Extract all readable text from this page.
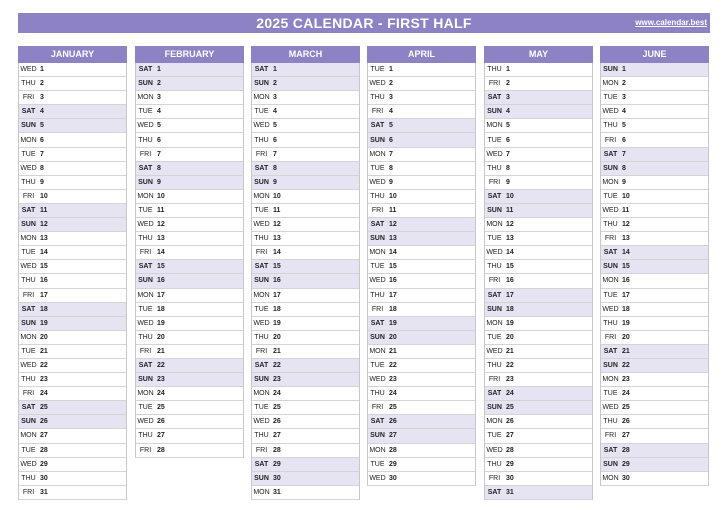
2025 CALENDAR - FIRST HALF	www.calendar.best
JANUARY
WED 1
THU 2
FRI 3
SAT 4
SUN 5
MON 6
TUE 7
WED 8
THU 9
FRI 10
SAT 11
SUN 12
MON 13
TUE 14
WED 15
THU 16
FRI 17
SAT 18
SUN 19
MON 20
TUE 21
WED 22
THU 23
FRI 24
SAT 25
SUN 26
MON 27
TUE 28
WED 29
THU 30
FRI 31
FEBRUARY
SAT 1
SUN 2
MON 3
TUE 4
WED 5
THU 6
FRI 7
SAT 8
SUN 9
MON 10
TUE 11
WED 12
THU 13
FRI 14
SAT 15
SUN 16
MON 17
TUE 18
WED 19
THU 20
FRI 21
SAT 22
SUN 23
MON 24
TUE 25
WED 26
THU 27
FRI 28
MARCH
SAT 1
SUN 2
MON 3
TUE 4
WED 5
THU 6
FRI 7
SAT 8
SUN 9
MON 10
TUE 11
WED 12
THU 13
FRI 14
SAT 15
SUN 16
MON 17
TUE 18
WED 19
THU 20
FRI 21
SAT 22
SUN 23
MON 24
TUE 25
WED 26
THU 27
FRI 28
SAT 29
SUN 30
MON 31
APRIL
TUE 1
WED 2
THU 3
FRI 4
SAT 5
SUN 6
MON 7
TUE 8
WED 9
THU 10
FRI 11
SAT 12
SUN 13
MON 14
TUE 15
WED 16
THU 17
FRI 18
SAT 19
SUN 20
MON 21
TUE 22
WED 23
THU 24
FRI 25
SAT 26
SUN 27
MON 28
TUE 29
WED 30
MAY
THU 1
FRI 2
SAT 3
SUN 4
MON 5
TUE 6
WED 7
THU 8
FRI 9
SAT 10
SUN 11
MON 12
TUE 13
WED 14
THU 15
FRI 16
SAT 17
SUN 18
MON 19
TUE 20
WED 21
THU 22
FRI 23
SAT 24
SUN 25
MON 26
TUE 27
WED 28
THU 29
FRI 30
SAT 31
JUNE
SUN 1
MON 2
TUE 3
WED 4
THU 5
FRI 6
SAT 7
SUN 8
MON 9
TUE 10
WED 11
THU 12
FRI 13
SAT 14
SUN 15
MON 16
TUE 17
WED 18
THU 19
FRI 20
SAT 21
SUN 22
MON 23
TUE 24
WED 25
THU 26
FRI 27
SAT 28
SUN 29
MON 30
